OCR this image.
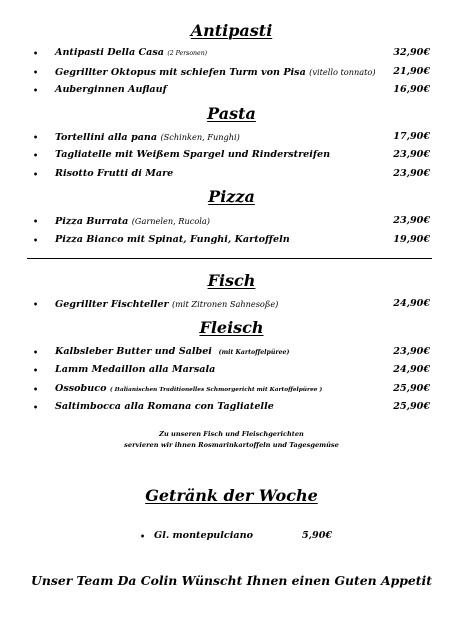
Antipasti
• Antipasti Della Casa (2 Personen)	32,90€
• Gegrillter Oktopus mit schiefen Turm von Pisa (vitello tonnato) 21,90€
• Auberginnen Auflauf	16,90€
Pasta
• Tortellini alla pana (Schinken, Funghi)	17,90€
• Tagliatelle mit Weißem Spargel und Rinderstreifen	23,90€
• Risotto Frutti di Mare	23,90€
Pizza
• Pizza Burrata (Garnelen, Rucola)	23,90€
• Pizza Bianco mit Spinat, Funghi, Kartoffeln	19,90€
Fisch
• Gegrillter Fischteller (mit Zitronen Sahnesoße)	24,90€
Fleisch
• Kalbsleber Butter und Salbei (mit Kartoffelpüree)	23,90€
• Lamm Medaillon alla Marsala	24,90€
• Ossobuco ( Italianischen Traditionelles Schmorgericht mit Kartoffelpüree )	25,90€
• Saltimbocca alla Romana con Tagliatelle	25,90€
Zu unseren Fisch und Fleischgerichten
servieren wir ihnen Rosmarinkartoffeln und Tagesgemüse
Getränk der Woche
• Gl. montepulciano	5,90€
Unser Team Da Colin Wünscht Ihnen einen Guten Appetit
